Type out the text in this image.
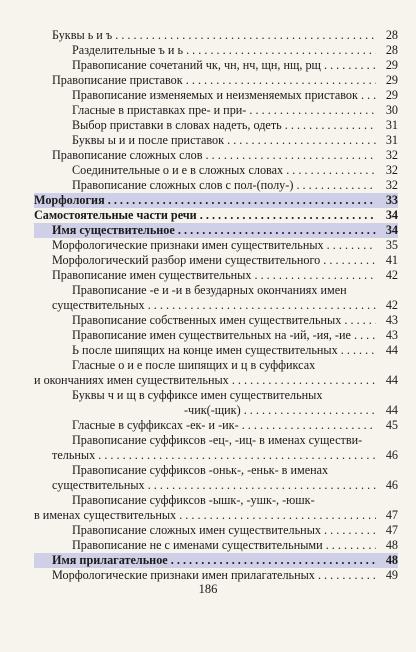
Буквы ь и ъ . . .	28
Разделительные ъ и ь . . .	28
Правописание сочетаний чк, чн, нч, щн, нщ, рщ . . .	29
Правописание приставок . . .	29
Правописание изменяемых и неизменяемых приставок . . .	29
Гласные в приставках пре- и при- . . .	30
Выбор приставки в словах надеть, одеть . . .	31
Буквы ы и и после приставок . . .	31
Правописание сложных слов . . .	32
Соединительные о и е в сложных словах . . .	32
Правописание сложных слов с пол-(полу-) . . .	32
Морфология . . .	33
Самостоятельные части речи . . .	34
Имя существительное . . .	34
Морфологические признаки имен существительных . . .	35
Морфологический разбор имени существительного . . .	41
Правописание имен существительных . . .	42
Правописание -е и -и в безударных окончаниях имен
существительных . . .	42
Правописание собственных имен существительных . . .	43
Правописание имен существительных на -ий, -ия, -ие . . .	43
Ь после шипящих на конце имен существительных . . .	44
Гласные о и е после шипящих и ц в суффиксах
и окончаниях имен существительных . . .	44
Буквы ч и щ в суффиксе имен существительных
-чик(-щик) . . .	44
Гласные в суффиксах -ек- и -ик- . . .	45
Правописание суффиксов -ец-, -иц- в именах существи-
тельных . . .	46
Правописание суффиксов -оньк-, -еньк- в именах
существительных . . .	46
Правописание суффиксов -ышк-, -ушк-, -юшк-
в именах существительных . . .	47
Правописание сложных имен существительных . . .	47
Правописание не с именами существительными . . .	48
Имя прилагательное . . .	48
Морфологические признаки имен прилагательных . . .	49
186
